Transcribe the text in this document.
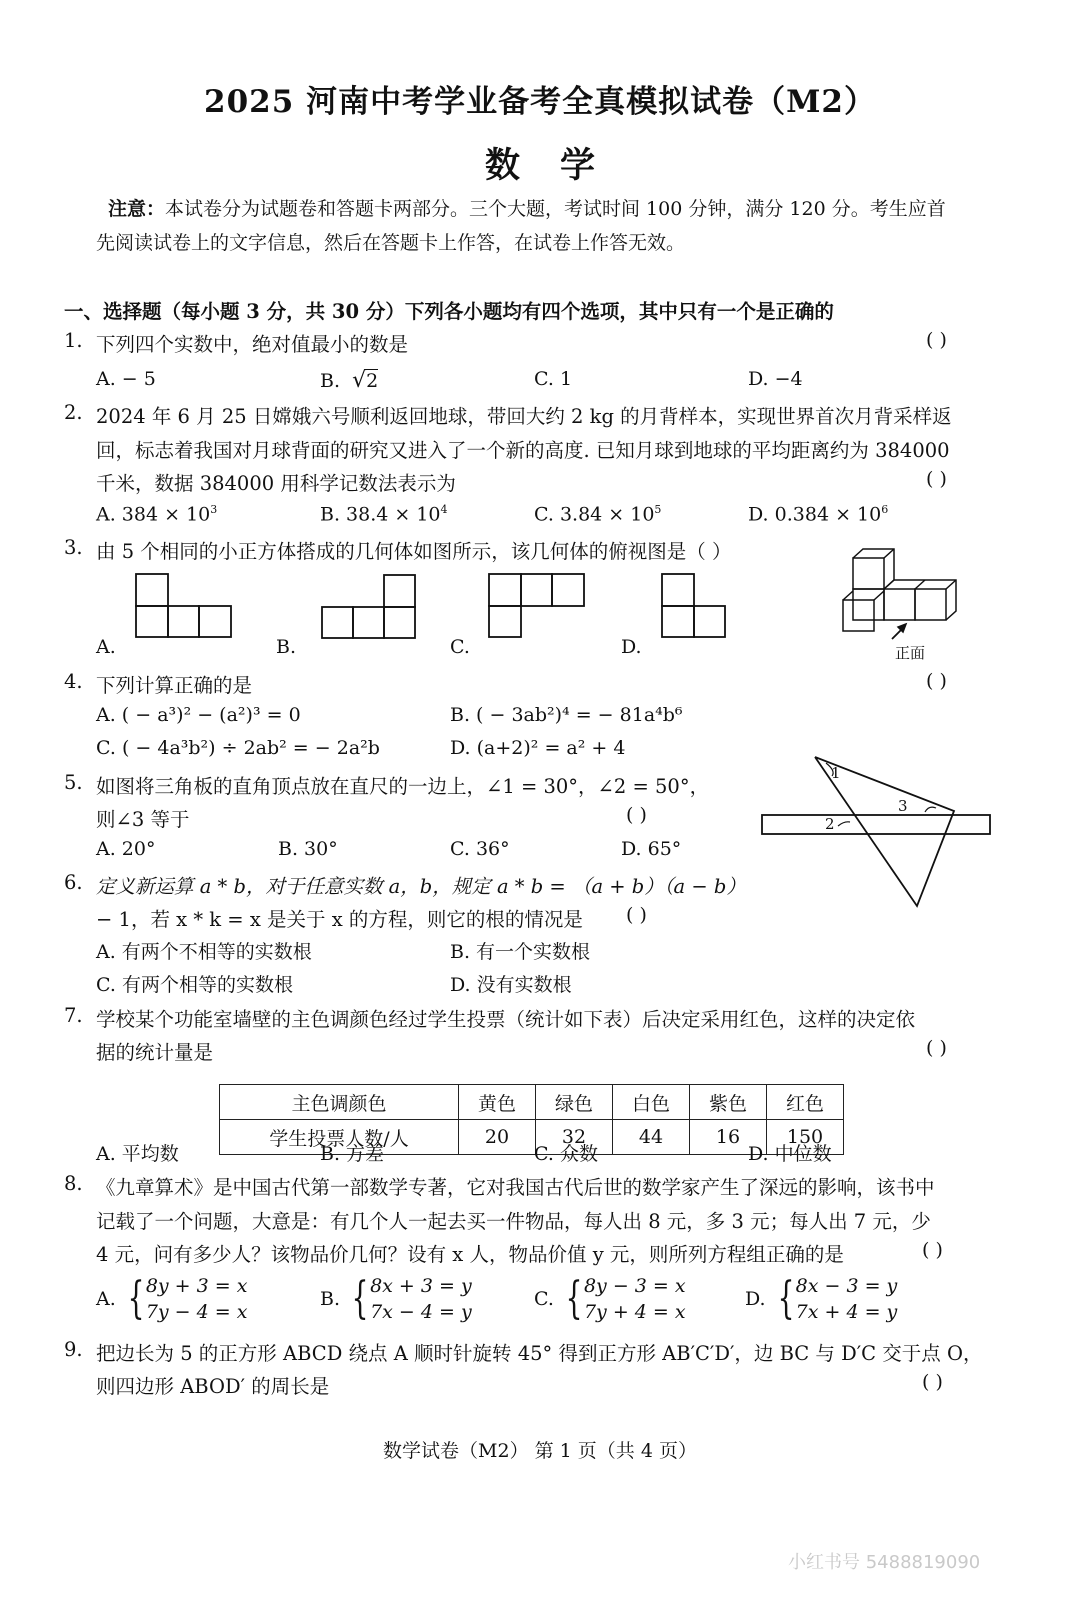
2025 河南中考学业备考全真模拟试卷（M2）
数学
注意：本试卷分为试题卷和答题卡两部分。三个大题，考试时间 100 分钟，满分 120 分。考生应首
先阅读试卷上的文字信息，然后在答题卡上作答，在试卷上作答无效。
一、选择题（每小题 3 分，共 30 分）下列各小题均有四个选项，其中只有一个是正确的
1. 下列四个实数中，绝对值最小的数是	( )
A. − 5	B. √2	C. 1	D. −4
2. 2024 年 6 月 25 日嫦娥六号顺利返回地球，带回大约 2 kg 的月背样本，实现世界首次月背采样返
回，标志着我国对月球背面的研究又进入了一个新的高度. 已知月球到地球的平均距离约为 384000
千米，数据 384000 用科学记数法表示为	( )
A. $384 \times 10^3$	B. $38.4 \times 10^4$	C. $3.84 \times 10^5$	D. $0.384 \times 10^6$
3. 由 5 个相同的小正方体搭成的几何体如图所示，该几何体的俯视图是（ ）
A.	B.	C.	D.	正面
4. 下列计算正确的是	( )
A. ( − a³)² − (a²)³ = 0	B. ( − 3ab²)⁴ = − 81a⁴b⁶
C. ( − 4a³b²) ÷ 2ab² = − 2a²b	D. (a+2)² = a² + 4
5. 如图将三角板的直角顶点放在直尺的一边上，∠1 = 30°，∠2 = 50°，
则∠3 等于	( )
A. 20°	B. 30°	C. 36°	D. 65°
1
2
3
6. 定义新运算 a * b，对于任意实数 a，b，规定 a * b = （a + b）（a − b）
− 1，若 x * k = x 是关于 x 的方程，则它的根的情况是 ( )
A. 有两个不相等的实数根	B. 有一个实数根
C. 有两个相等的实数根	D. 没有实数根
7. 学校某个功能室墙壁的主色调颜色经过学生投票（统计如下表）后决定采用红色，这样的决定依
据的统计量是	( )
主色调颜色	黄色	绿色	白色	紫色	红色
学生投票人数/人	20	32	44	16	150
A. 平均数	B. 方差	C. 众数	D. 中位数
8. 《九章算术》是中国古代第一部数学专著，它对我国古代后世的数学家产生了深远的影响，该书中
记载了一个问题，大意是：有几个人一起去买一件物品，每人出 8 元，多 3 元；每人出 7 元，少
4 元，问有多少人？该物品价几何？设有 x 人，物品价值 y 元，则所列方程组正确的是	( )
A. {8y + 3 = x
7y − 4 = x
B. {8x + 3 = y
7x − 4 = y
C. {8y − 3 = x
7y + 4 = x
D. {8x − 3 = y
7x + 4 = y
9. 把边长为 5 的正方形 ABCD 绕点 A 顺时针旋转 45° 得到正方形 AB′C′D′，边 BC 与 D′C 交于点 O，
则四边形 ABOD′ 的周长是	( )
数学试卷（M2） 第 1 页（共 4 页）
小红书号 5488819090
